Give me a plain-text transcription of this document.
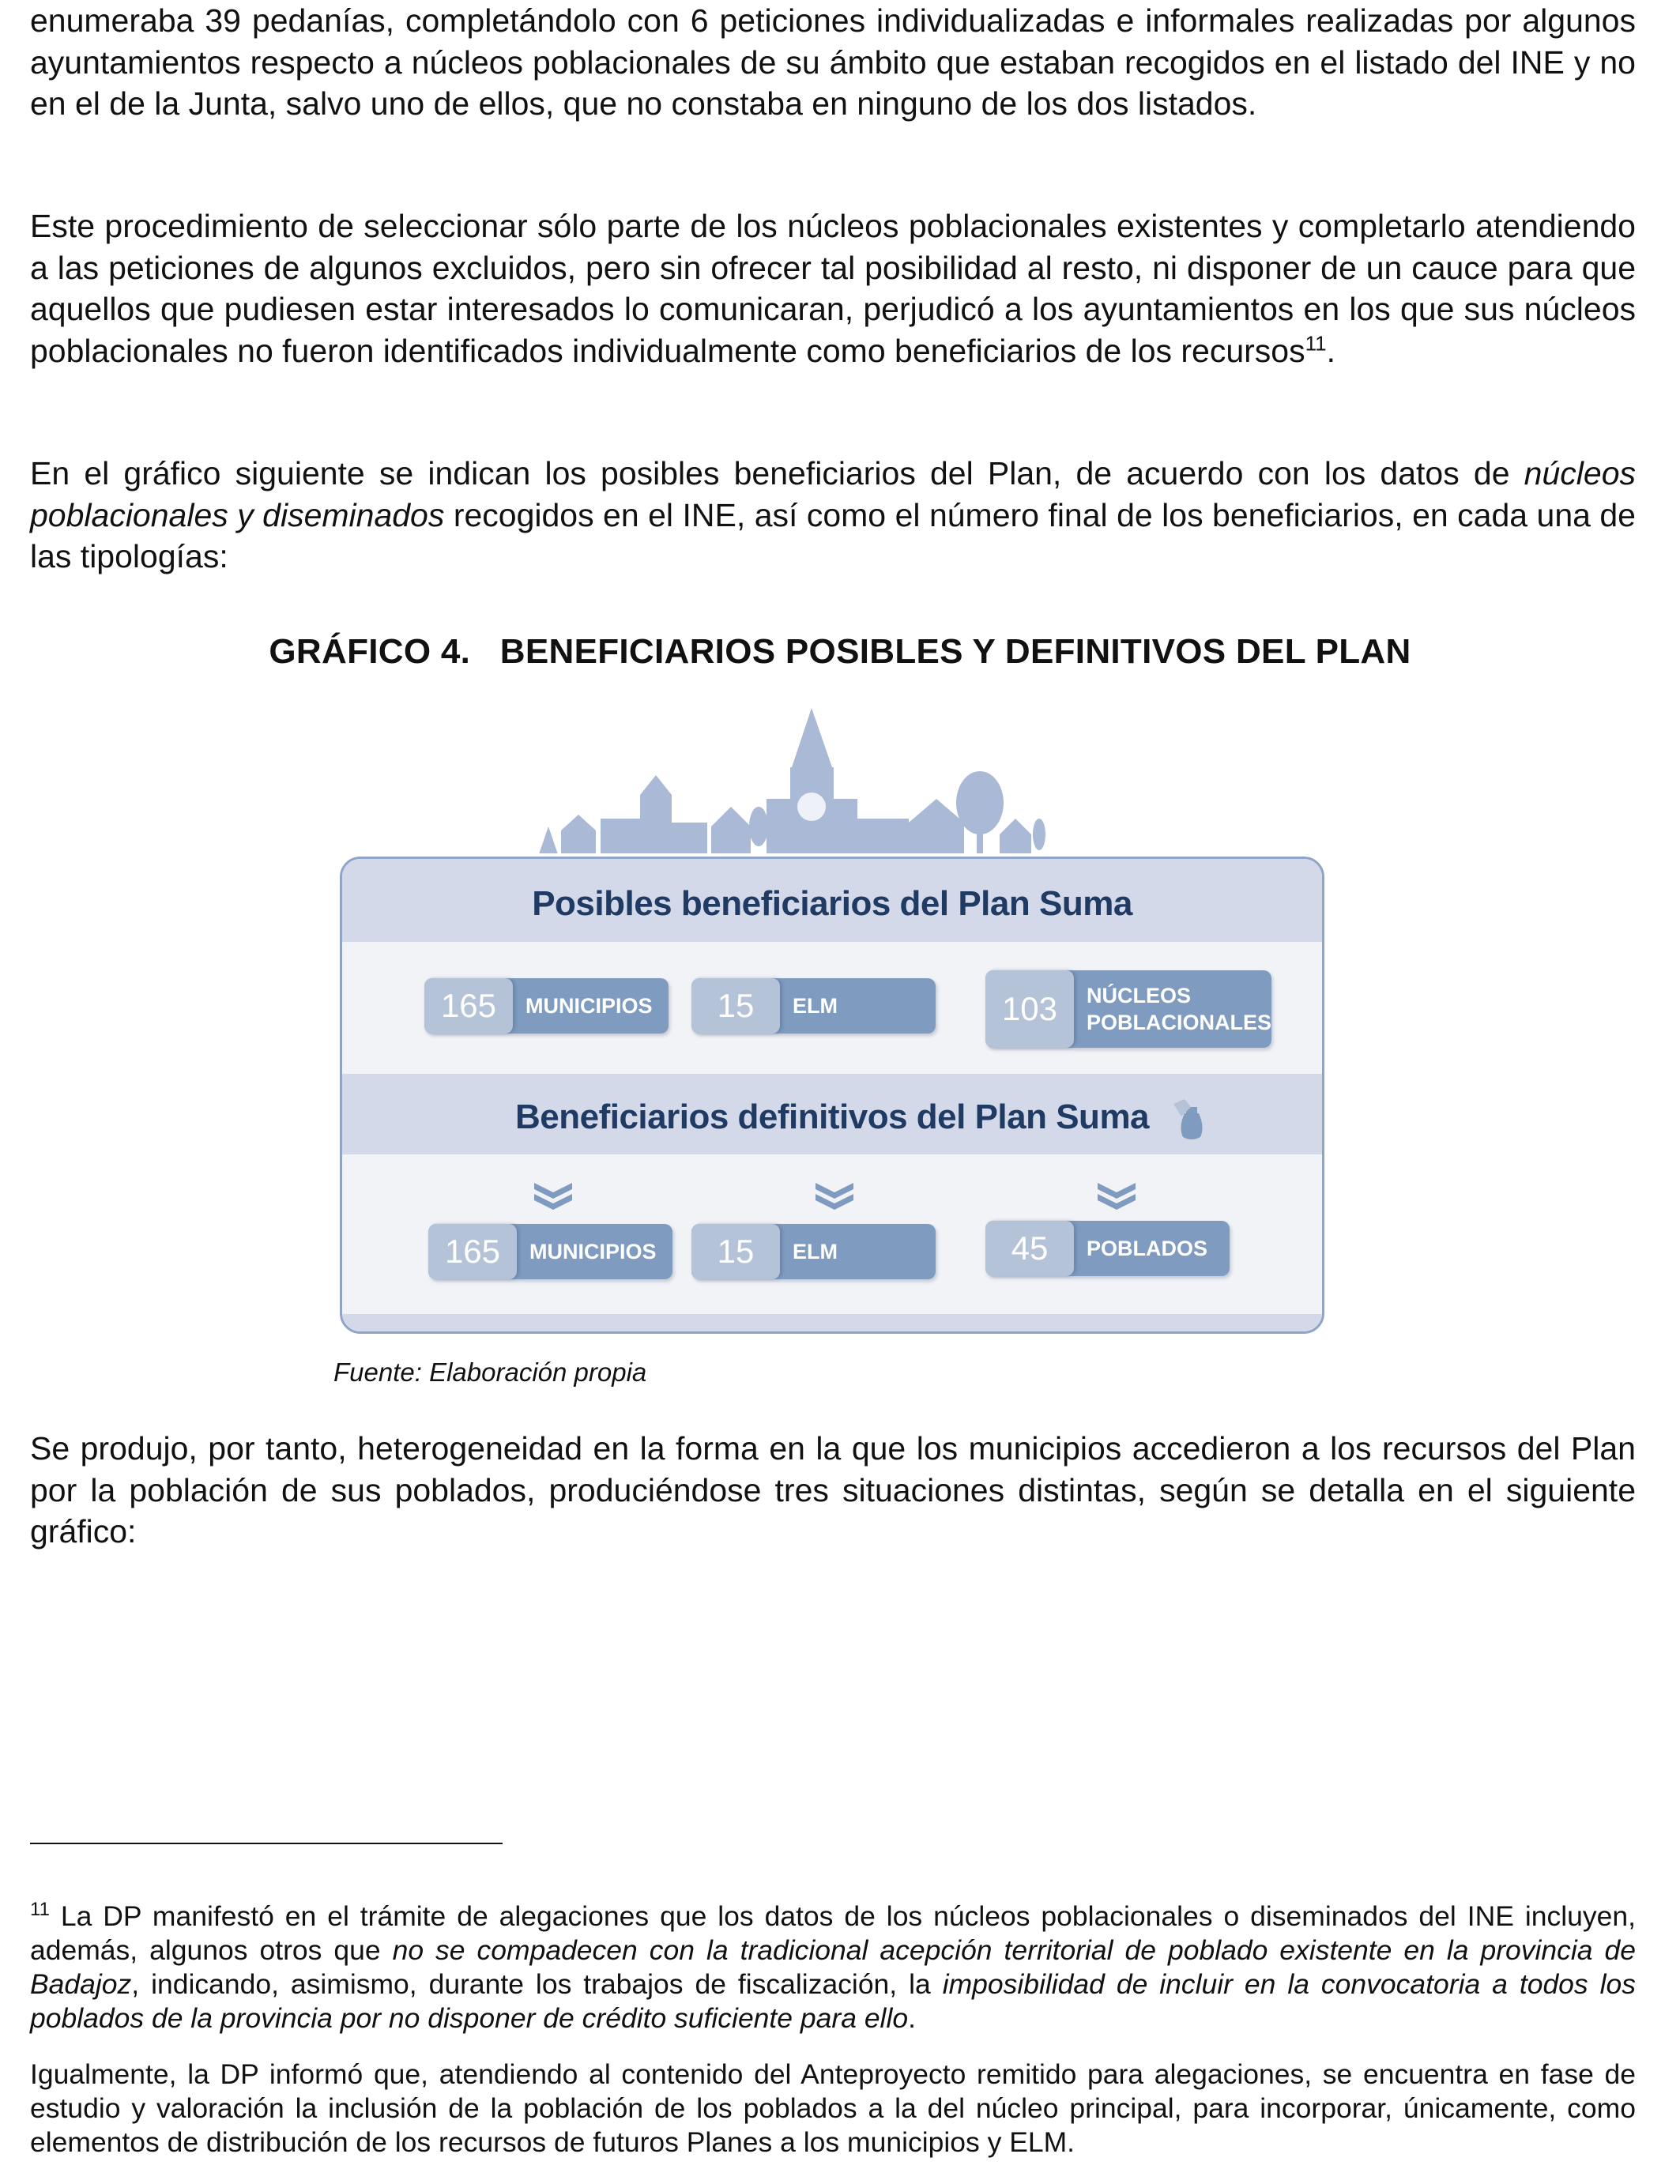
enumeraba 39 pedanías, completándolo con 6 peticiones individualizadas e informales realizadas por algunos ayuntamientos respecto a núcleos poblacionales de su ámbito que estaban recogidos en el listado del INE y no en el de la Junta, salvo uno de ellos, que no constaba en ninguno de los dos listados.

Este procedimiento de seleccionar sólo parte de los núcleos poblacionales existentes y completarlo atendiendo a las peticiones de algunos excluidos, pero sin ofrecer tal posibilidad al resto, ni disponer de un cauce para que aquellos que pudiesen estar interesados lo comunicaran, perjudicó a los ayuntamientos en los que sus núcleos poblacionales no fueron identificados individualmente como beneficiarios de los recursos$^{11}$.

En el gráfico siguiente se indican los posibles beneficiarios del Plan, de acuerdo con los datos de núcleos poblacionales y diseminados recogidos en el INE, así como el número final de los beneficiarios, en cada una de las tipologías:

GRÁFICO 4.   BENEFICIARIOS POSIBLES Y DEFINITIVOS DEL PLAN
Posibles beneficiarios del Plan Suma
Beneficiarios definitivos del Plan Suma
165	MUNICIPIOS	15	ELM	103	NÚCLEOS POBLACIONALES
165	MUNICIPIOS	15	ELM	45	POBLADOS
Fuente: Elaboración propia

Se produjo, por tanto, heterogeneidad en la forma en la que los municipios accedieron a los recursos del Plan por la población de sus poblados, produciéndose tres situaciones distintas, según se detalla en el siguiente gráfico:

$^{11}$ La DP manifestó en el trámite de alegaciones que los datos de los núcleos poblacionales o diseminados del INE incluyen, además, algunos otros que no se compadecen con la tradicional acepción territorial de poblado existente en la provincia de Badajoz, indicando, asimismo, durante los trabajos de fiscalización, la imposibilidad de incluir en la convocatoria a todos los poblados de la provincia por no disponer de crédito suficiente para ello.

Igualmente, la DP informó que, atendiendo al contenido del Anteproyecto remitido para alegaciones, se encuentra en fase de estudio y valoración la inclusión de la población de los poblados a la del núcleo principal, para incorporar, únicamente, como elementos de distribución de los recursos de futuros Planes a los municipios y ELM.
